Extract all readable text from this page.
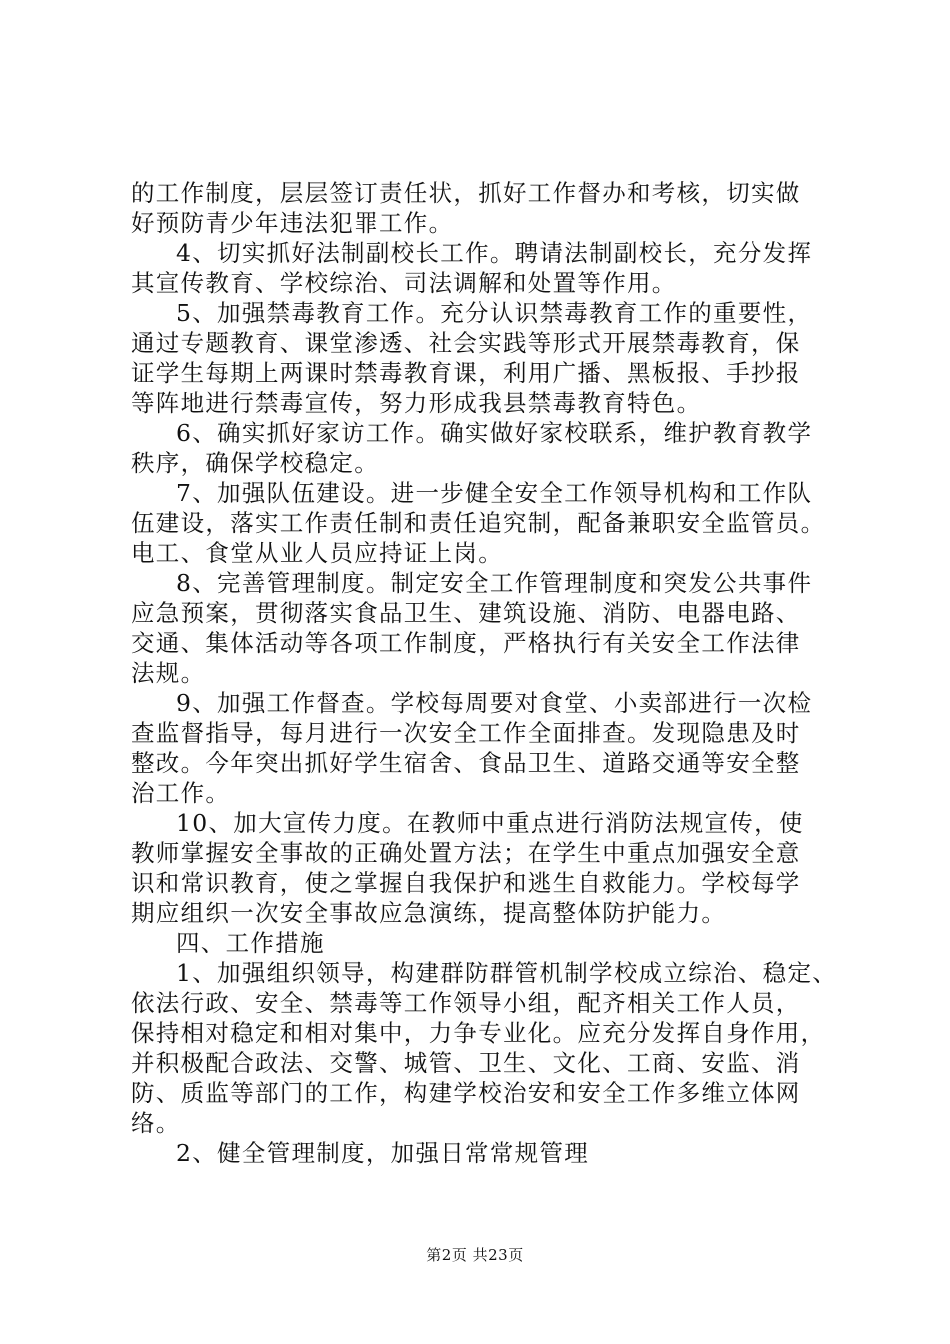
的工作制度，层层签订责任状，抓好工作督办和考核，切实做
好预防青少年违法犯罪工作。
4、切实抓好法制副校长工作。聘请法制副校长，充分发挥
其宣传教育、学校综治、司法调解和处置等作用。
5、加强禁毒教育工作。充分认识禁毒教育工作的重要性，
通过专题教育、课堂渗透、社会实践等形式开展禁毒教育，保
证学生每期上两课时禁毒教育课，利用广播、黑板报、手抄报
等阵地进行禁毒宣传，努力形成我县禁毒教育特色。
6、确实抓好家访工作。确实做好家校联系，维护教育教学
秩序，确保学校稳定。
7、加强队伍建设。进一步健全安全工作领导机构和工作队
伍建设，落实工作责任制和责任追究制，配备兼职安全监管员。
电工、食堂从业人员应持证上岗。
8、完善管理制度。制定安全工作管理制度和突发公共事件
应急预案，贯彻落实食品卫生、建筑设施、消防、电器电路、
交通、集体活动等各项工作制度，严格执行有关安全工作法律
法规。
9、加强工作督查。学校每周要对食堂、小卖部进行一次检
查监督指导，每月进行一次安全工作全面排查。发现隐患及时
整改。今年突出抓好学生宿舍、食品卫生、道路交通等安全整
治工作。
10、加大宣传力度。在教师中重点进行消防法规宣传，使
教师掌握安全事故的正确处置方法；在学生中重点加强安全意
识和常识教育，使之掌握自我保护和逃生自救能力。学校每学
期应组织一次安全事故应急演练，提高整体防护能力。
四、工作措施
1、加强组织领导，构建群防群管机制学校成立综治、稳定、
依法行政、安全、禁毒等工作领导小组，配齐相关工作人员，
保持相对稳定和相对集中，力争专业化。应充分发挥自身作用，
并积极配合政法、交警、城管、卫生、文化、工商、安监、消
防、质监等部门的工作，构建学校治安和安全工作多维立体网
络。
2、健全管理制度，加强日常常规管理
第2页 共23页
